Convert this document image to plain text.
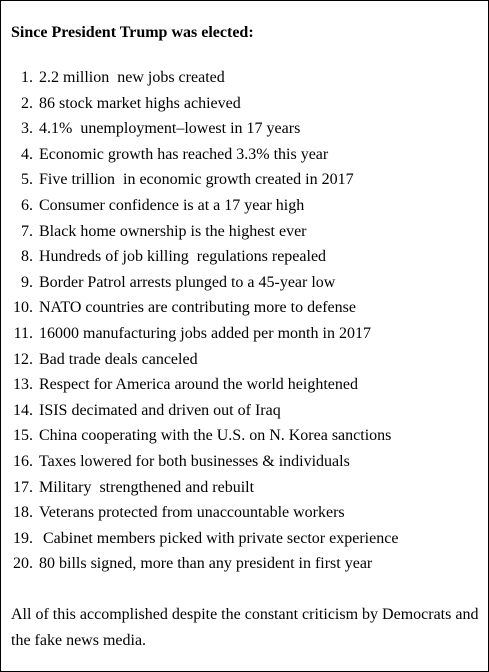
Since President Trump was elected:
1. 2.2 million  new jobs created
2. 86 stock market highs achieved
3. 4.1%  unemployment–lowest in 17 years
4. Economic growth has reached 3.3% this year
5. Five trillion  in economic growth created in 2017
6. Consumer confidence is at a 17 year high
7. Black home ownership is the highest ever
8. Hundreds of job killing  regulations repealed
9. Border Patrol arrests plunged to a 45-year low
10. NATO countries are contributing more to defense
11. 16000 manufacturing jobs added per month in 2017
12. Bad trade deals canceled
13. Respect for America around the world heightened
14. ISIS decimated and driven out of Iraq
15. China cooperating with the U.S. on N. Korea sanctions
16. Taxes lowered for both businesses & individuals
17. Military  strengthened and rebuilt
18. Veterans protected from unaccountable workers
19. Cabinet members picked with private sector experience
20. 80 bills signed, more than any president in first year
All of this accomplished despite the constant criticism by Democrats and the fake news media.
